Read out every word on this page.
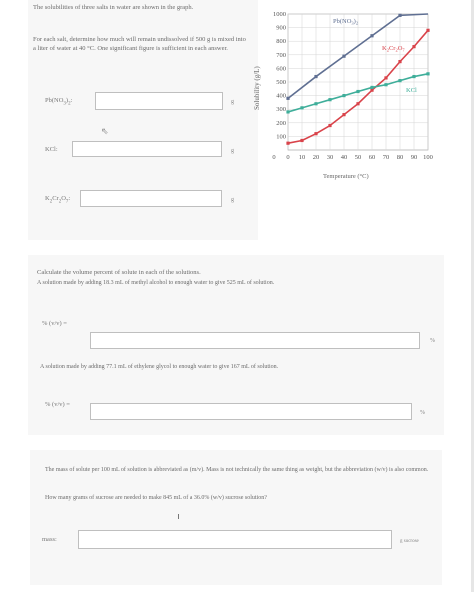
The solubilities of three salts in water are shown in the graph.
For each salt, determine how much will remain undissolved if 500 g is mixed into a liter of water at 40 °C. One significant figure is sufficient in each answer.
$Pb(NO_3)_2$:	g
KCl:	g
⇖
$K_2Cr_2O_7$:	g
100
200
300
400
500
600
700
800
900
1000
0 10 20 30 40 50 60 70 80 90 100
0
$Pb(NO_3)_2$
$K_2Cr_2O_7$
KCl
Solubility (g/L)
Temperature (°C)
Calculate the volume percent of solute in each of the solutions.
A solution made by adding 18.3 mL of methyl alcohol to enough water to give 525 mL of solution.
% (v/v) =
%
A solution made by adding 77.1 mL of ethylene glycol to enough water to give 167 mL of solution.
% (v/v) =
%
The mass of solute per 100 mL of solution is abbreviated as (m/v). Mass is not technically the same thing as weight, but the abbreviation (w/v) is also common.
How many grams of sucrose are needed to make 845 mL of a 36.0% (w/v) sucrose solution?
mass:	g sucrose
